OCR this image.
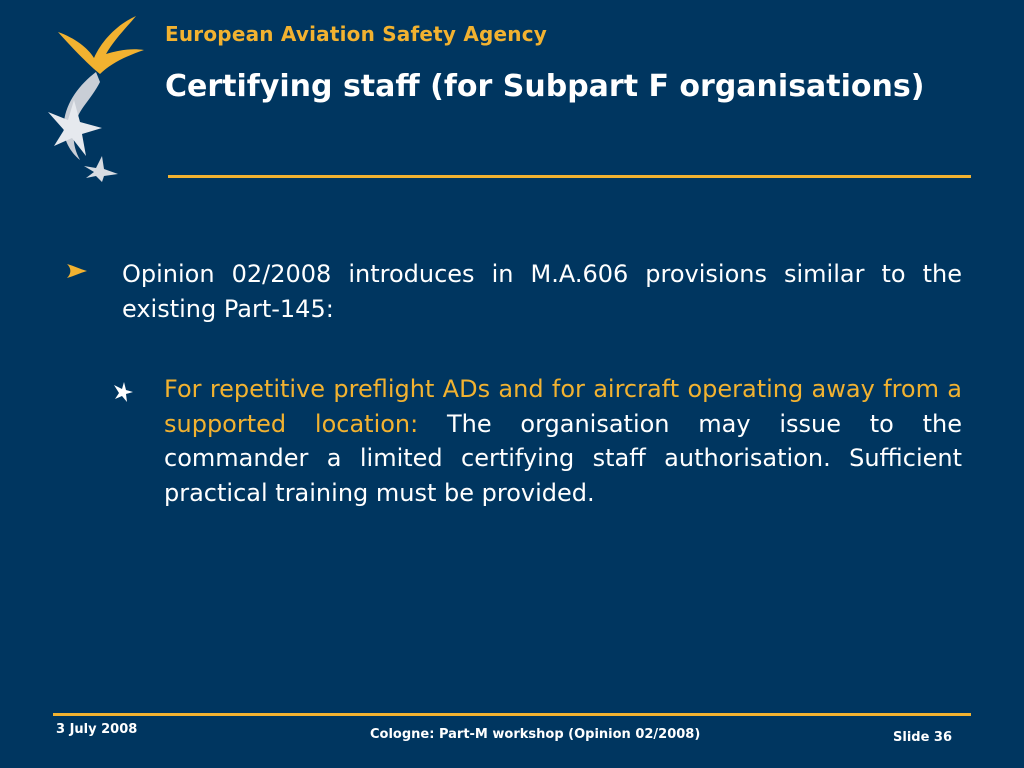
European Aviation Safety Agency
Certifying staff (for Subpart F organisations)
Opinion 02/2008 introduces in M.A.606 provisions similar to the existing Part-145:
For repetitive preflight ADs and for aircraft operating away from a supported location: The organisation may issue to the commander a limited certifying staff authorisation. Sufficient practical training must be provided.
3 July 2008	Cologne: Part-M workshop (Opinion 02/2008)	Slide 36
